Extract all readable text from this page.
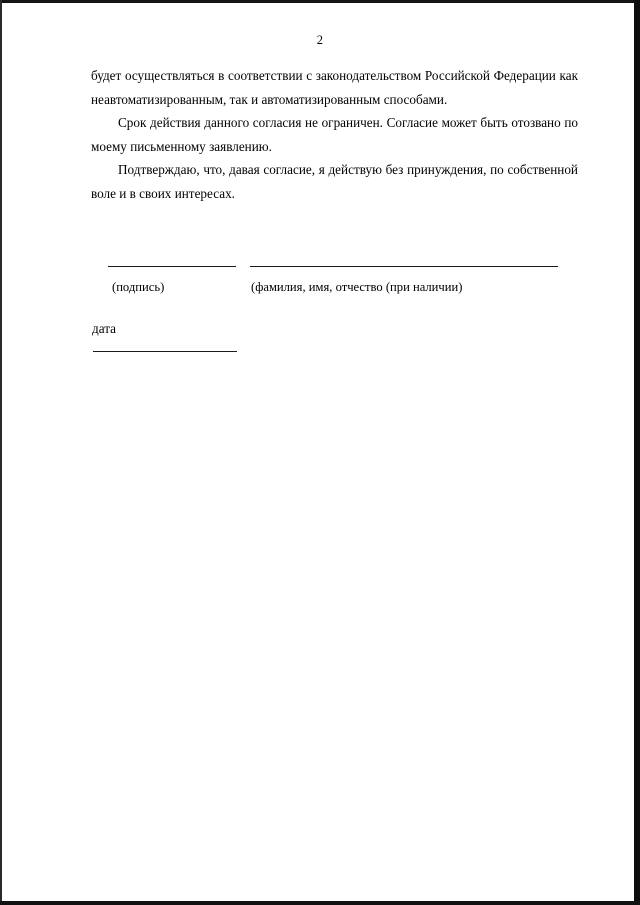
2

будет осуществляться в соответствии с законодательством Российской Федерации как неавтоматизированным, так и автоматизированным способами.

Срок действия данного согласия не ограничен. Согласие может быть отозвано по моему письменному заявлению.

Подтверждаю, что, давая согласие, я действую без принуждения, по собственной воле и в своих интересах.

(подпись)	(фамилия, имя, отчество (при наличии)
дата
